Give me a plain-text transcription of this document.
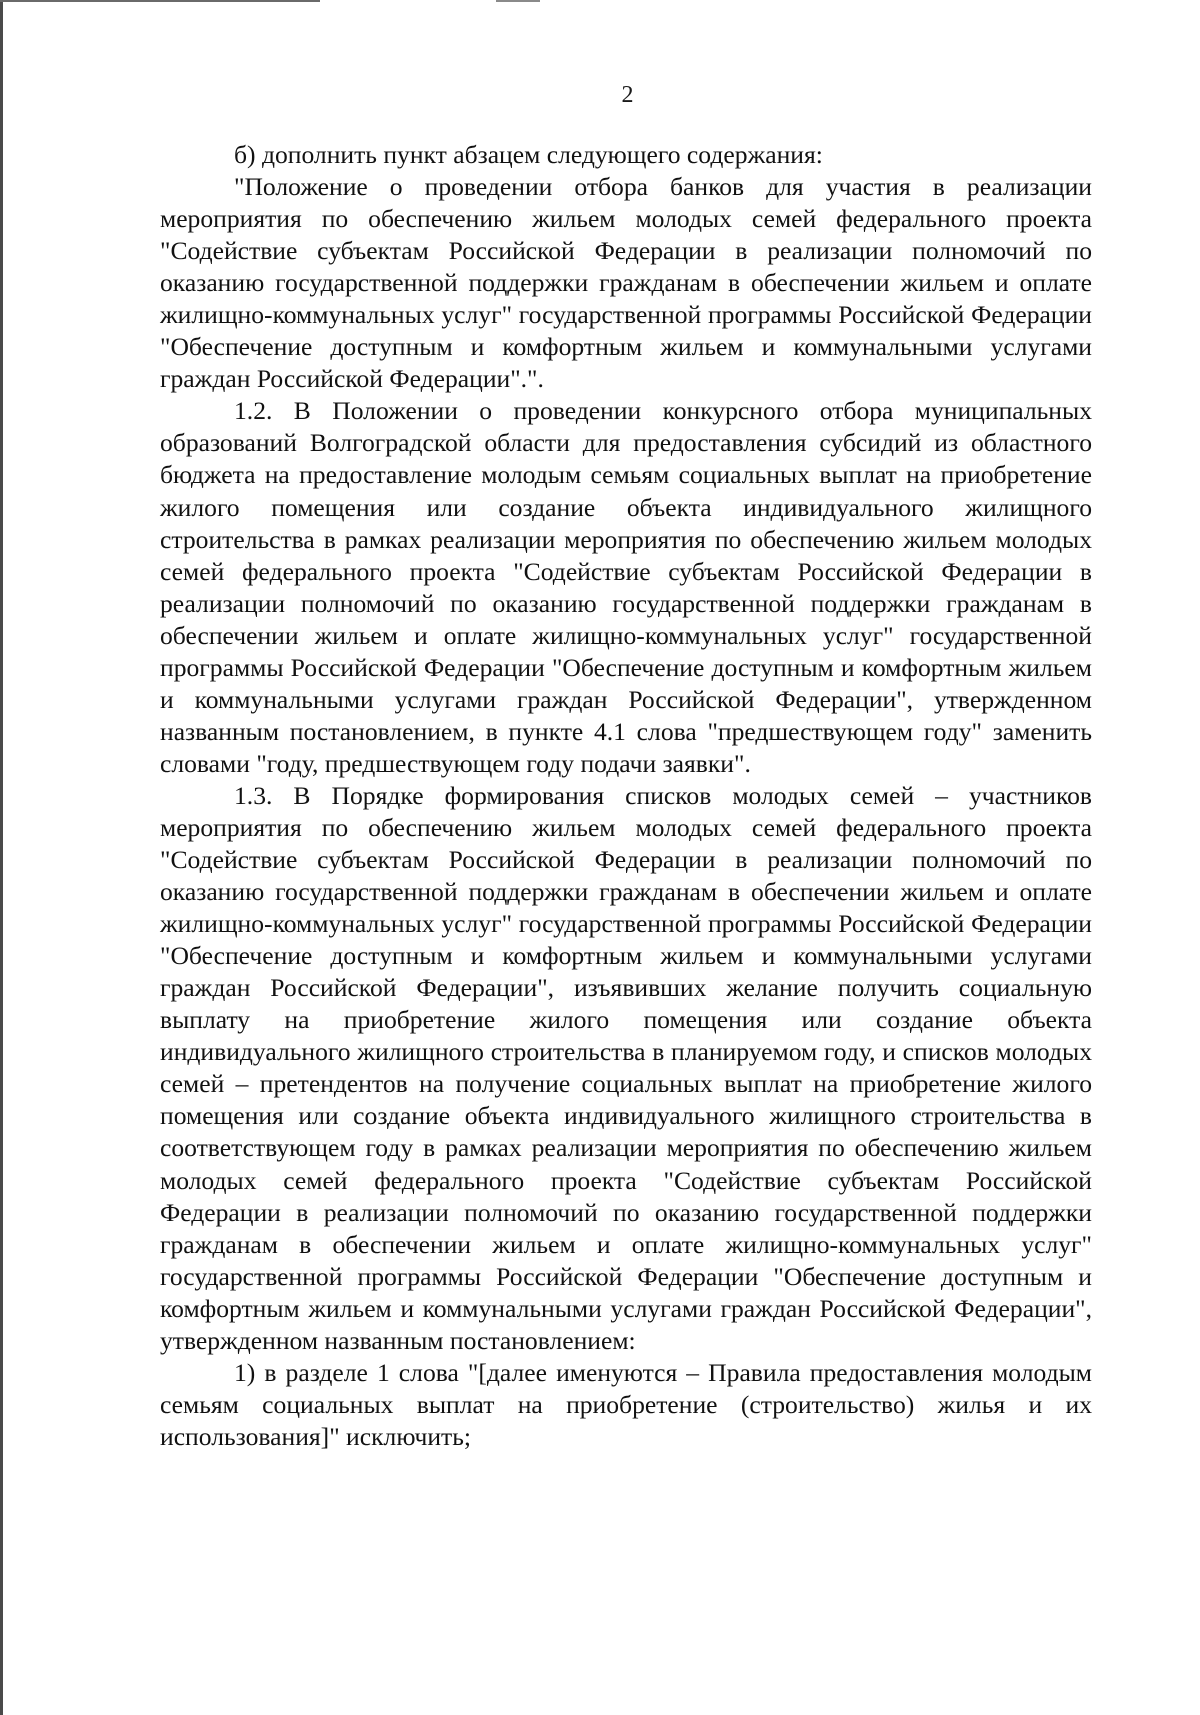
2

б) дополнить пункт абзацем следующего содержания:

"Положение о проведении отбора банков для участия в реализации мероприятия по обеспечению жильем молодых семей федерального проекта "Содействие субъектам Российской Федерации в реализации полномочий по оказанию государственной поддержки гражданам в обеспечении жильем и оплате жилищно-коммунальных услуг" государственной программы Российской Федерации "Обеспечение доступным и комфортным жильем и коммунальными услугами граждан Российской Федерации".".

1.2. В Положении о проведении конкурсного отбора муниципальных образований Волгоградской области для предоставления субсидий из областного бюджета на предоставление молодым семьям социальных выплат на приобретение жилого помещения или создание объекта индивидуального жилищного строительства в рамках реализации мероприятия по обеспечению жильем молодых семей федерального проекта "Содействие субъектам Российской Федерации в реализации полномочий по оказанию государственной поддержки гражданам в обеспечении жильем и оплате жилищно-коммунальных услуг" государственной программы Российской Федерации "Обеспечение доступным и комфортным жильем и коммунальными услугами граждан Российской Федерации", утвержденном названным постановлением, в пункте 4.1 слова "предшествующем году" заменить словами "году, предшествующем году подачи заявки".

1.3. В Порядке формирования списков молодых семей – участников мероприятия по обеспечению жильем молодых семей федерального проекта "Содействие субъектам Российской Федерации в реализации полномочий по оказанию государственной поддержки гражданам в обеспечении жильем и оплате жилищно-коммунальных услуг" государственной программы Российской Федерации "Обеспечение доступным и комфортным жильем и коммунальными услугами граждан Российской Федерации", изъявивших желание получить социальную выплату на приобретение жилого помещения или создание объекта индивидуального жилищного строительства в планируемом году, и списков молодых семей – претендентов на получение социальных выплат на приобретение жилого помещения или создание объекта индивидуального жилищного строительства в соответствующем году в рамках реализации мероприятия по обеспечению жильем молодых семей федерального проекта "Содействие субъектам Российской Федерации в реализации полномочий по оказанию государственной поддержки гражданам в обеспечении жильем и оплате жилищно-коммунальных услуг" государственной программы Российской Федерации "Обеспечение доступным и комфортным жильем и коммунальными услугами граждан Российской Федерации", утвержденном названным постановлением:

1) в разделе 1 слова "[далее именуются – Правила предоставления молодым семьям социальных выплат на приобретение (строительство) жилья и их использования]" исключить;
